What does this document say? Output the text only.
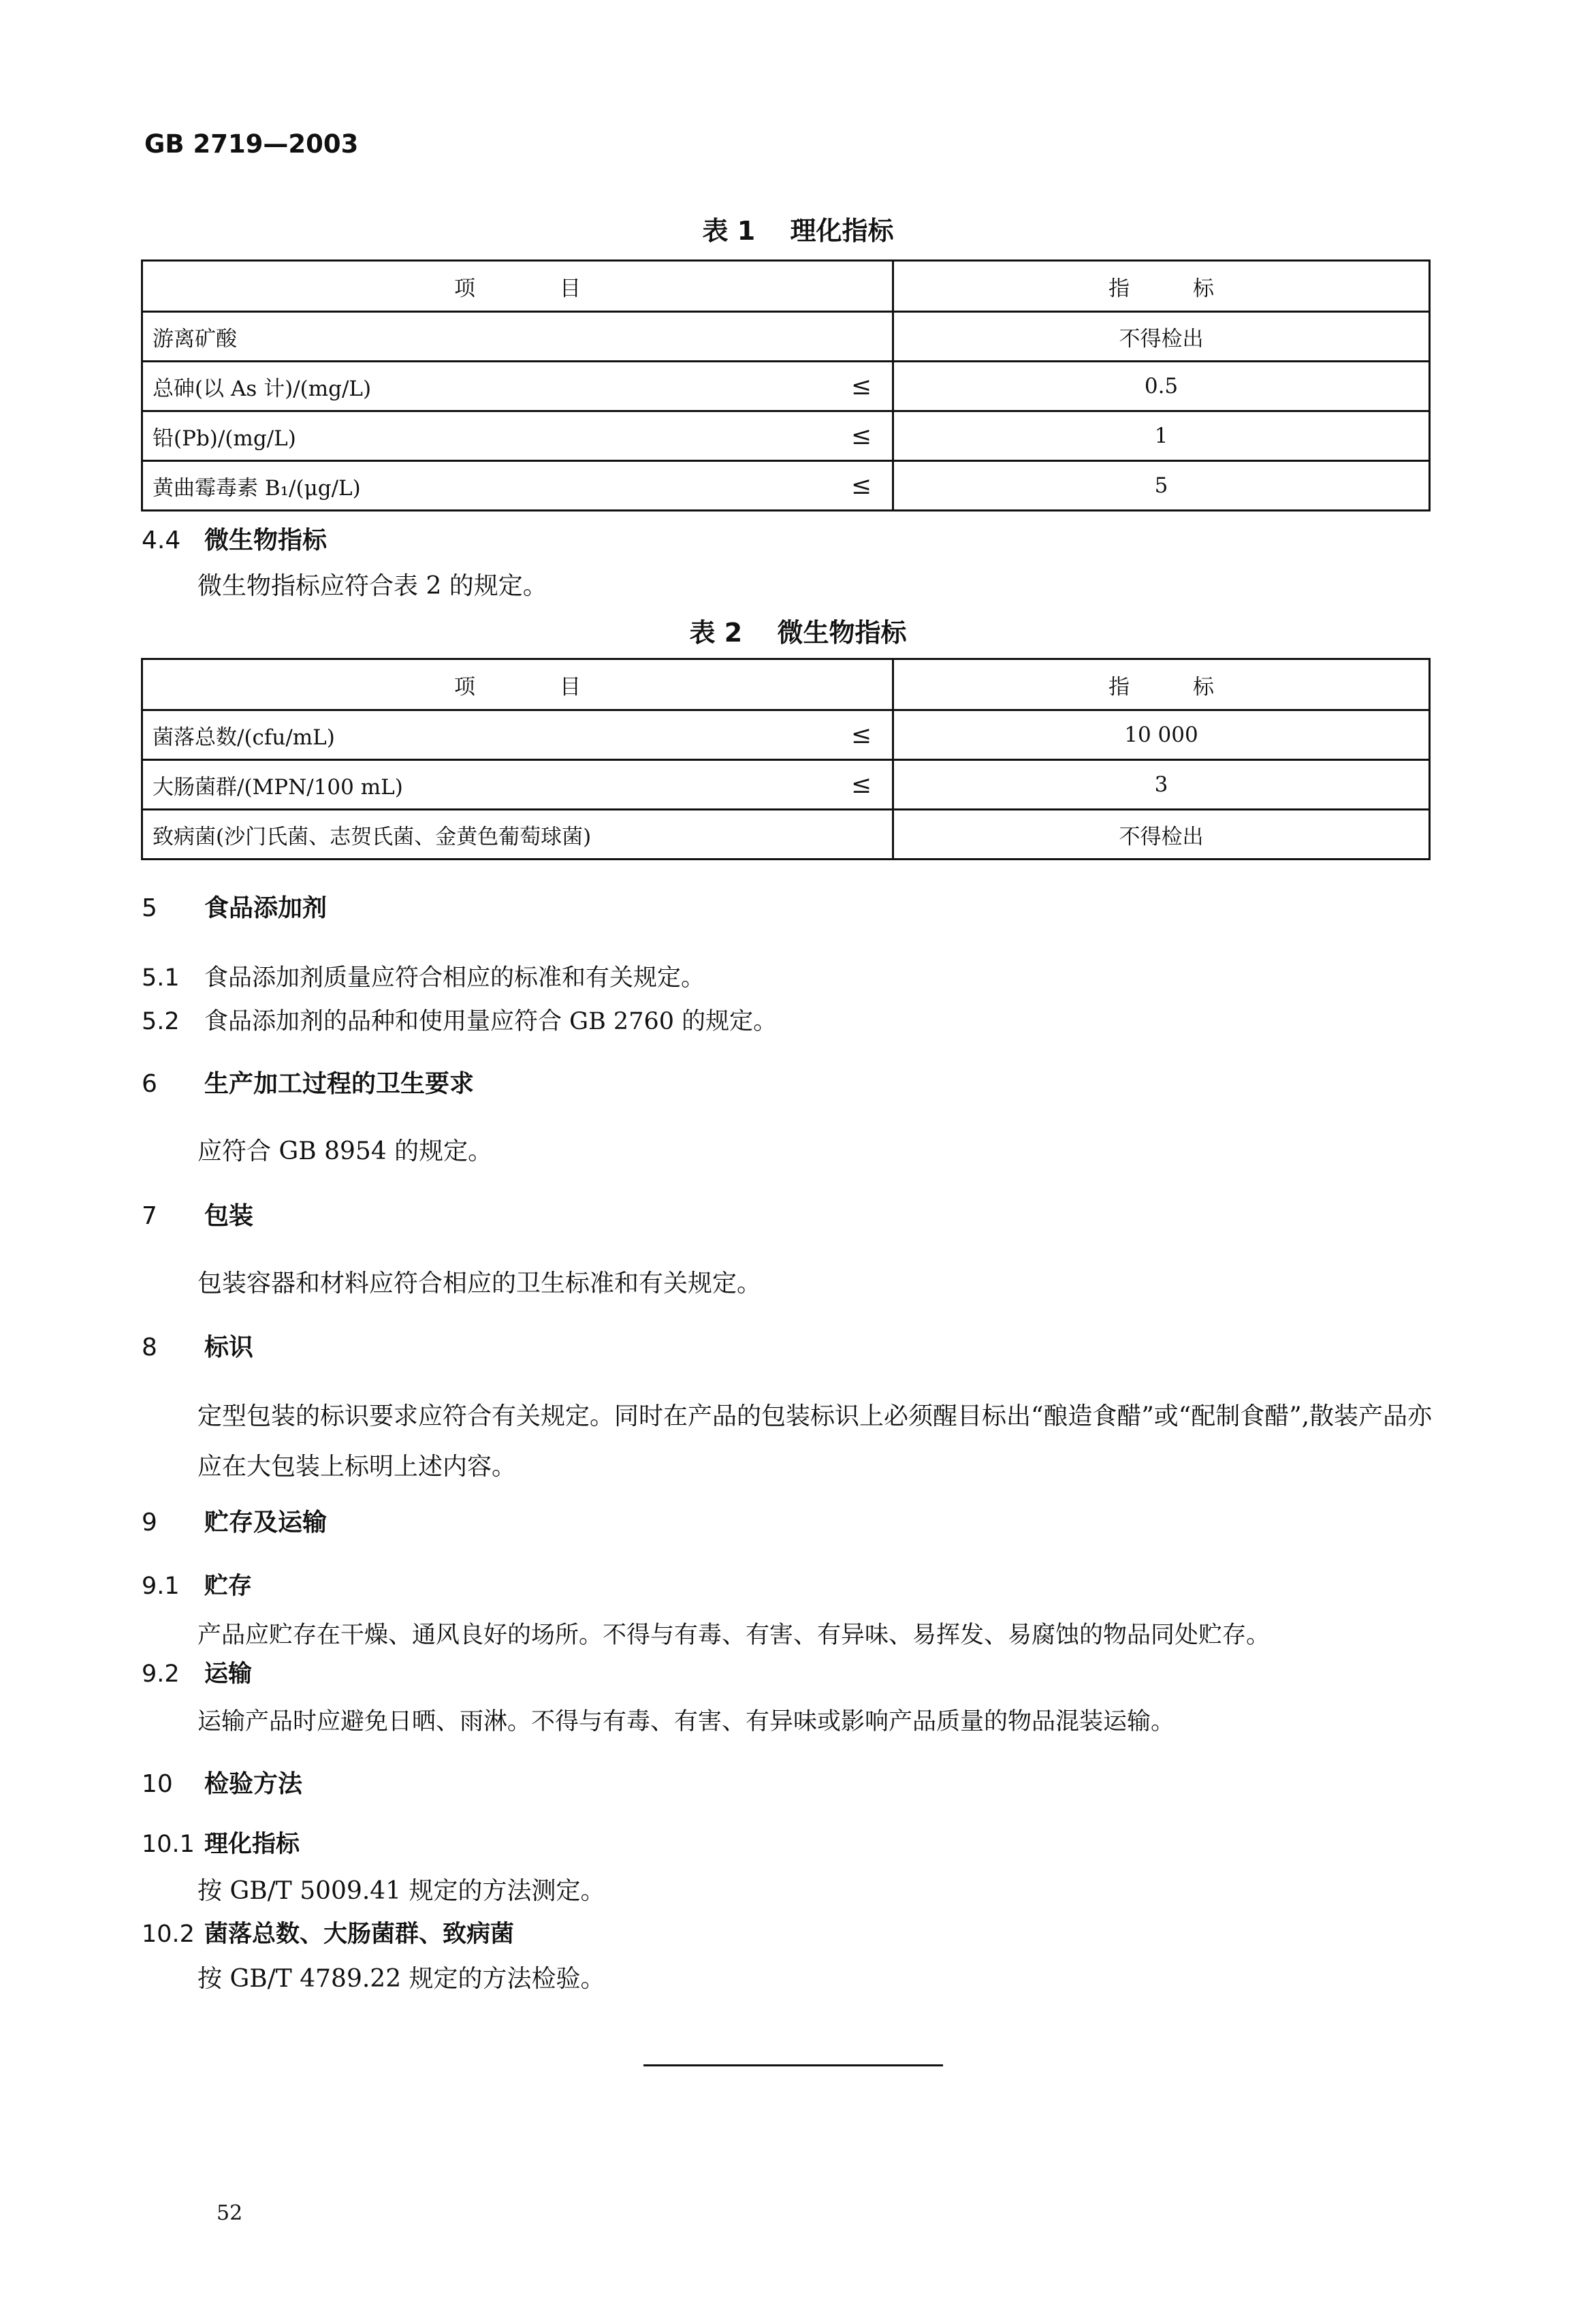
GB 2719—2003
表 1 理化指标
项　　　　目	指　　　标

游离矿酸	不得检出

总砷(以 As 计)/(mg/L) ≤	0.5

铅(Pb)/(mg/L) ≤	1

黄曲霉毒素 B₁/(μg/L) ≤	5
4.4 微生物指标
微生物指标应符合表 2 的规定。
表 2 微生物指标
项　　　　目	指　　　标

菌落总数/(cfu/mL) ≤	10 000

大肠菌群/(MPN/100 mL) ≤	3

致病菌(沙门氏菌、志贺氏菌、金黄色葡萄球菌)	不得检出
5 食品添加剂
5.1 食品添加剂质量应符合相应的标准和有关规定。
5.2 食品添加剂的品种和使用量应符合 GB 2760 的规定。
6 生产加工过程的卫生要求
应符合 GB 8954 的规定。
7 包装
包装容器和材料应符合相应的卫生标准和有关规定。
8 标识
定型包装的标识要求应符合有关规定。同时在产品的包装标识上必须醒目标出“酿造食醋”或“配制食醋”,散装产品亦应在大包装上标明上述内容。
9 贮存及运输
9.1 贮存
产品应贮存在干燥、通风良好的场所。不得与有毒、有害、有异味、易挥发、易腐蚀的物品同处贮存。
9.2 运输
运输产品时应避免日晒、雨淋。不得与有毒、有害、有异味或影响产品质量的物品混装运输。
10 检验方法
10.1 理化指标
按 GB/T 5009.41 规定的方法测定。
10.2 菌落总数、大肠菌群、致病菌
按 GB/T 4789.22 规定的方法检验。
52
